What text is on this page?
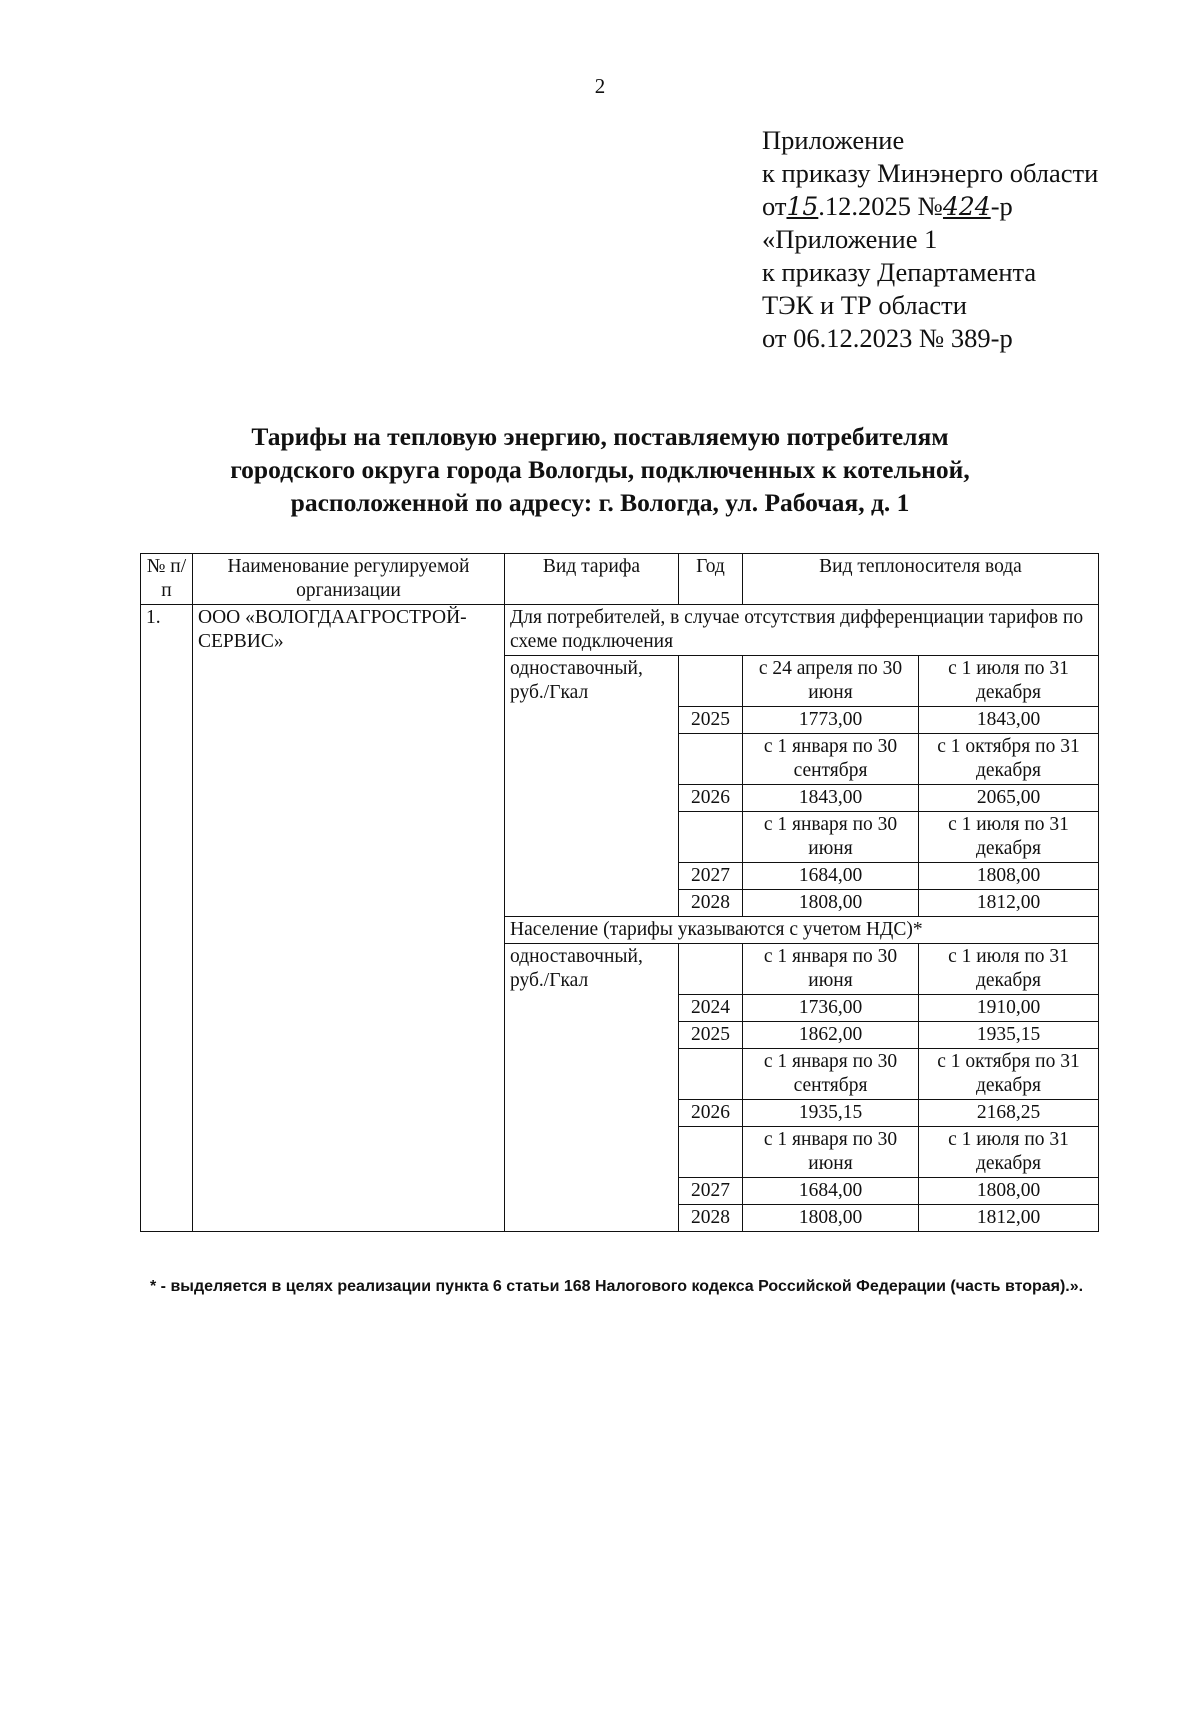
2
Приложение
к приказу Минэнерго области
от15.12.2025 №424-р
«Приложение 1
к приказу Департамента
ТЭК и ТР области
от 06.12.2023 № 389-р
Тарифы на тепловую энергию, поставляемую потребителям
городского округа города Вологды, подключенных к котельной,
расположенной по адресу: г. Вологда, ул. Рабочая, д. 1
№ п/п	Наименование регулируемой организации	Вид тарифа	Год	Вид теплоносителя вода	
1.	ООО «ВОЛОГДААГРОСТРОЙ-СЕРВИС»	Для потребителей, в случае отсутствия дифференциации тарифов по схеме подключения			
		одноставочный, руб./Гкал		с 24 апреля по 30 июня	с 1 июля по 31 декабря
			2025	1773,00	1843,00
				с 1 января по 30 сентября	с 1 октября по 31 декабря
			2026	1843,00	2065,00
				с 1 января по 30 июня	с 1 июля по 31 декабря
			2027	1684,00	1808,00
			2028	1808,00	1812,00
		Население (тарифы указываются с учетом НДС)*			
		одноставочный, руб./Гкал		с 1 января по 30 июня	с 1 июля по 31 декабря
			2024	1736,00	1910,00
			2025	1862,00	1935,15
				с 1 января по 30 сентября	с 1 октября по 31 декабря
			2026	1935,15	2168,25
				с 1 января по 30 июня	с 1 июля по 31 декабря
			2027	1684,00	1808,00
			2028	1808,00	1812,00
* - выделяется в целях реализации пункта 6 статьи 168 Налогового кодекса Российской Федерации (часть вторая).».
